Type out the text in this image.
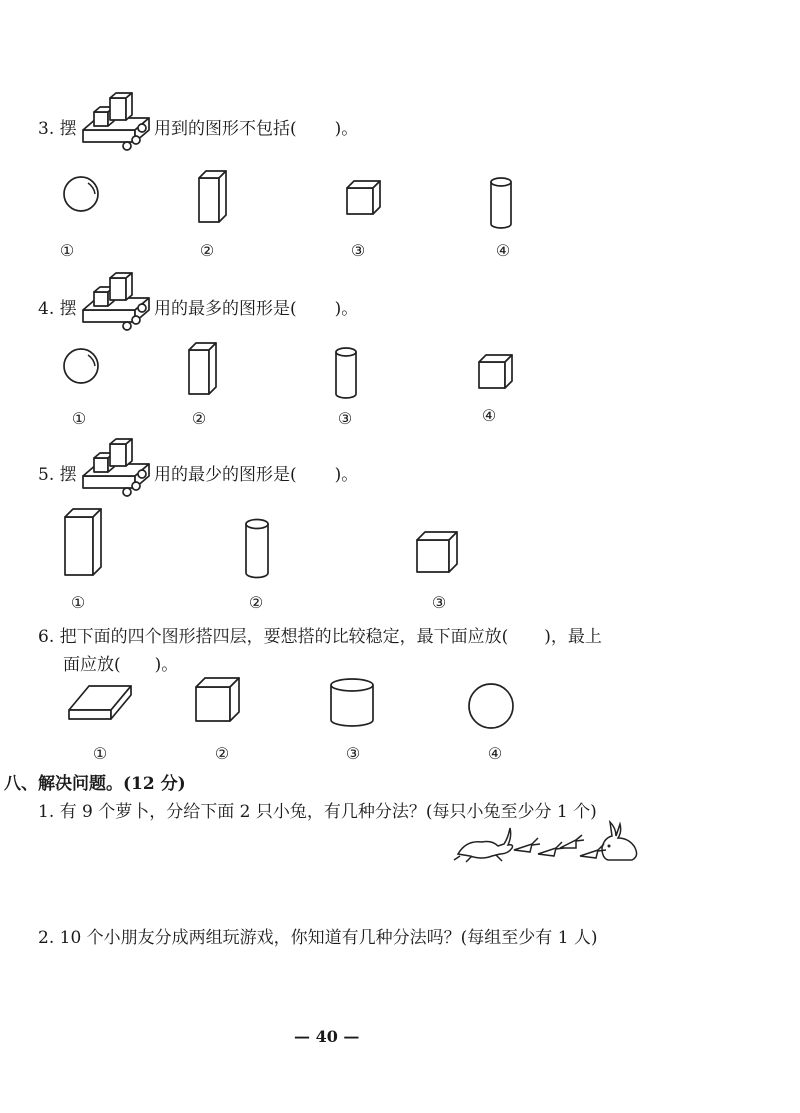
3. 摆	用到的图形不包括( )。
①	②	③	④
4. 摆	用的最多的图形是( )。
①	②	③	④
5. 摆	用的最少的图形是( )。
①	②	③
6. 把下面的四个图形搭四层，要想搭的比较稳定，最下面应放( )，最上
面应放( )。
①	②	③	④
八、解决问题。(12 分)
1. 有 9 个萝卜，分给下面 2 只小兔，有几种分法？(每只小兔至少分 1 个)
2. 10 个小朋友分成两组玩游戏，你知道有几种分法吗？(每组至少有 1 人)
— 40 —
